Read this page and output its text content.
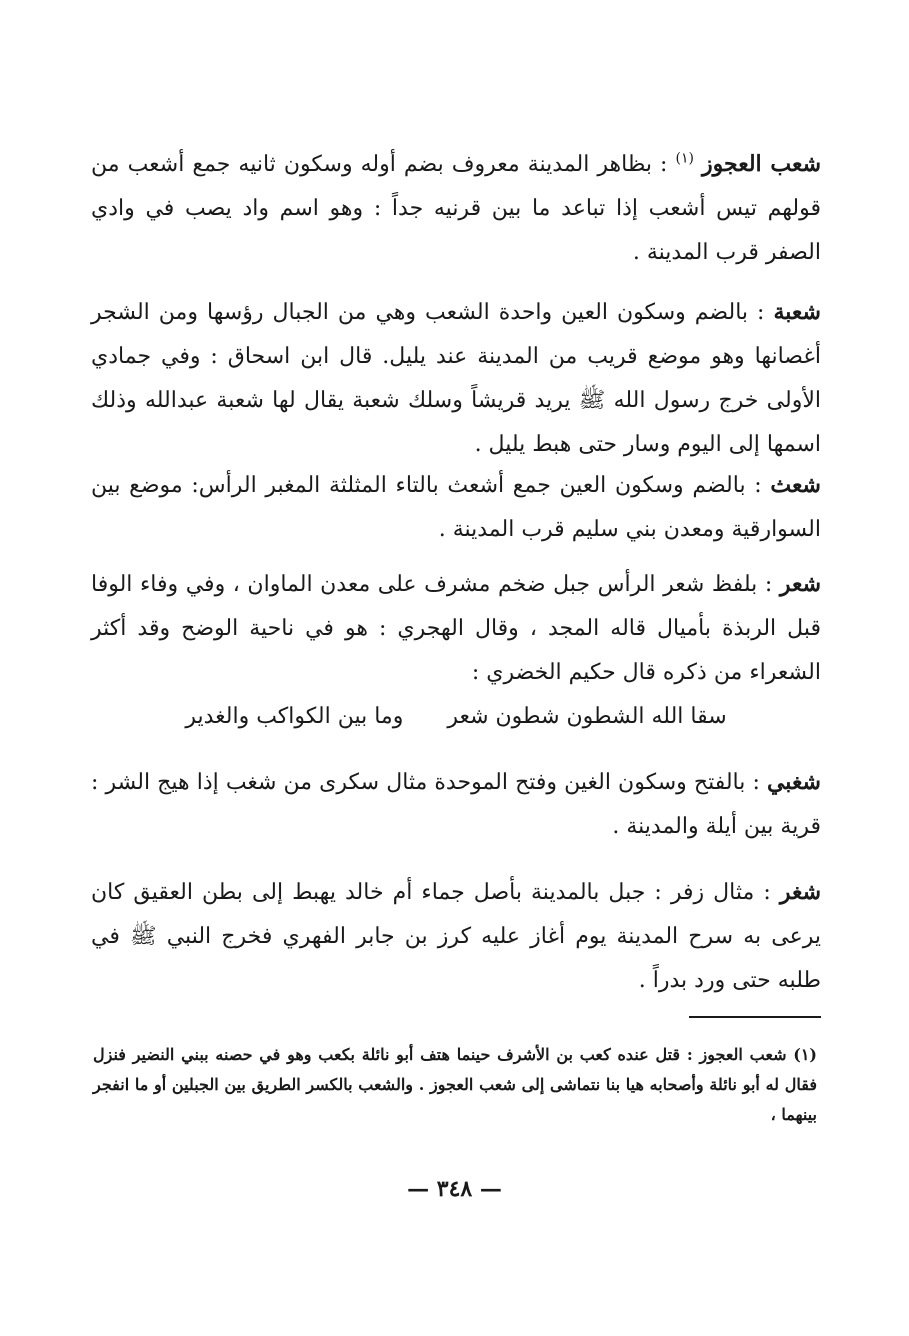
شعب العجوز $^{(١)}$ : بظاهر المدينة معروف بضم أوله وسكون ثانيه جمع أشعب من قولهم تيس أشعب إذا تباعد ما بين قرنيه جداً : وهو اسم واد يصب في وادي الصفر قرب المدينة .

شعبة : بالضم وسكون العين واحدة الشعب وهي من الجبال رؤسها ومن الشجر أغصانها وهو موضع قريب من المدينة عند يليل. قال ابن اسحاق : وفي جمادي الأولى خرج رسول الله ﷺ يريد قريشاً وسلك شعبة يقال لها شعبة عبدالله وذلك اسمها إلى اليوم وسار حتى هبط يليل .

شعث : بالضم وسكون العين جمع أشعث بالتاء المثلثة المغبر الرأس: موضع بين السوارقية ومعدن بني سليم قرب المدينة .

شعر : بلفظ شعر الرأس جبل ضخم مشرف على معدن الماوان ، وفي وفاء الوفا قبل الربذة بأميال قاله المجد ، وقال الهجري : هو في ناحية الوضح وقد أكثر الشعراء من ذكره قال حكيم الخضري :

سقا الله الشطون شطون شعر
وما بين الكواكب والغدير

شغبي : بالفتح وسكون الغين وفتح الموحدة مثال سكرى من شغب إذا هيج الشر : قرية بين أيلة والمدينة .

شغر : مثال زفر : جبل بالمدينة بأصل جماء أم خالد يهبط إلى بطن العقيق كان يرعى به سرح المدينة يوم أغاز عليه كرز بن جابر الفهري فخرج النبي ﷺ في طلبه حتى ورد بدراً .

(١) شعب العجوز : قتل عنده كعب بن الأشرف حينما هتف أبو نائلة بكعب وهو في حصنه ببني النضير فنزل فقال له أبو نائلة وأصحابه هيا بنا نتماشى إلى شعب العجوز . والشعب بالكسر الطريق بين الجبلين أو ما انفجر بينهما ،

— ٣٤٨ —
